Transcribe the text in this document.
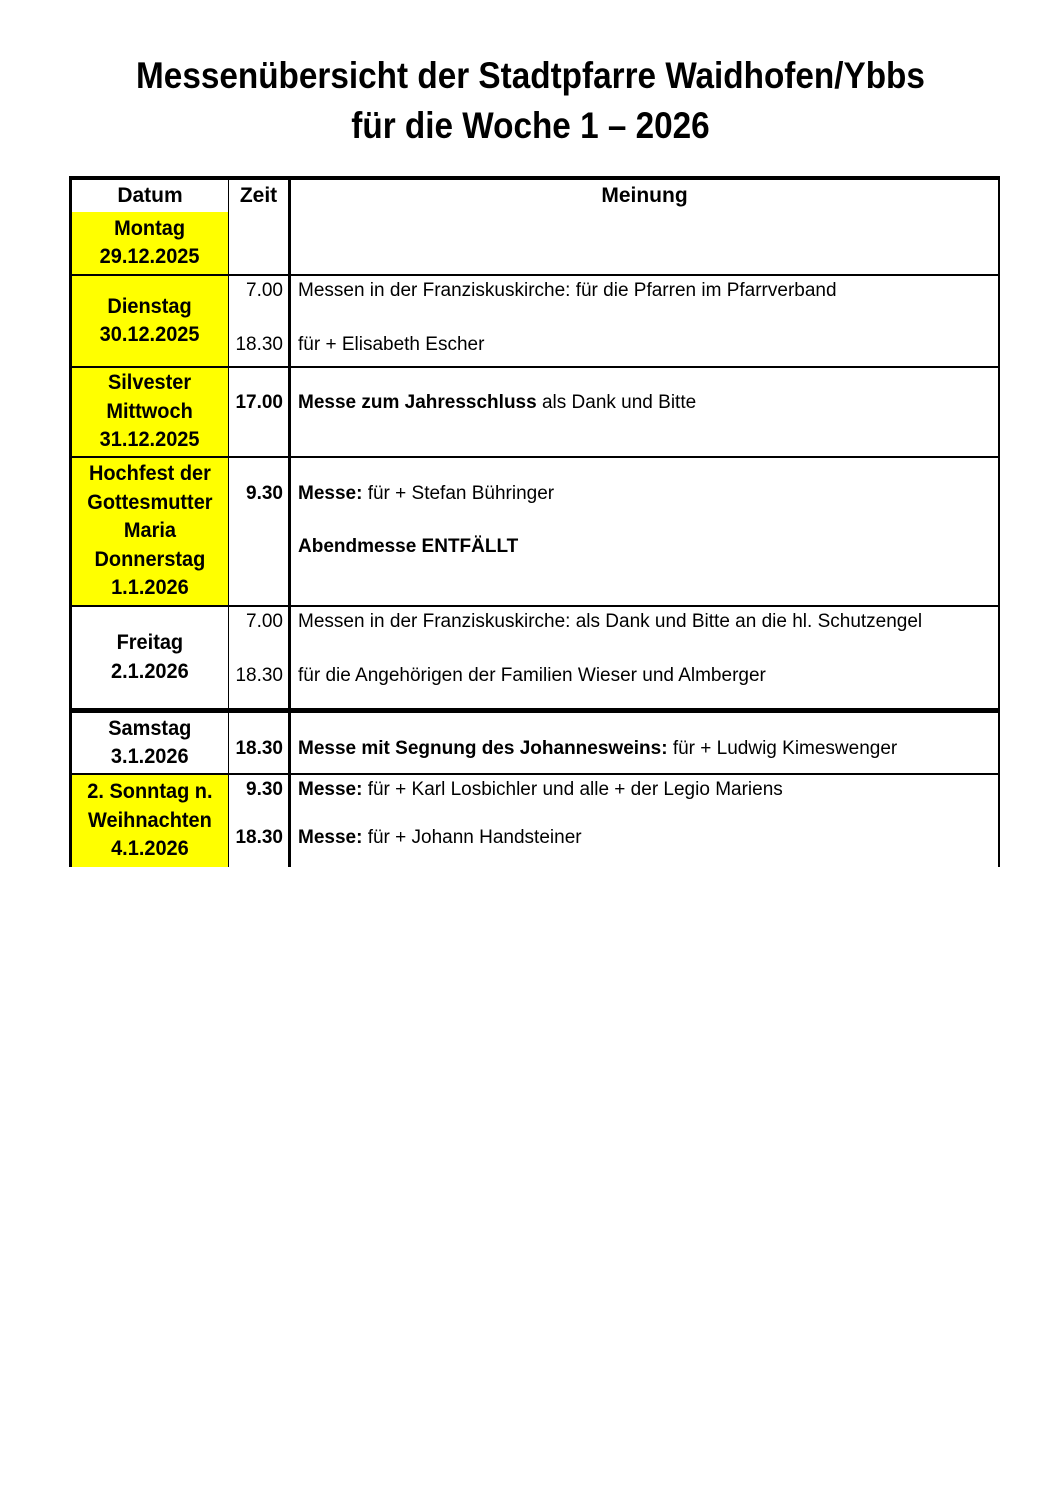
Messenübersicht der Stadtpfarre Waidhofen/Ybbs
für die Woche 1 – 2026
Datum	Zeit	Meinung
Montag
29.12.2025
Dienstag
30.12.2025
7.00
18.30
Messen in der Franziskuskirche: für die Pfarren im Pfarrverband
für + Elisabeth Escher
Silvester
Mittwoch
31.12.2025
17.00 Messe zum Jahresschluss als Dank und Bitte
Hochfest der
Gottesmutter
Maria
Donnerstag
1.1.2026
9.30 Messe: für + Stefan Bühringer
Abendmesse ENTFÄLLT
Freitag
2.1.2026
7.00
18.30
Messen in der Franziskuskirche: als Dank und Bitte an die hl. Schutzengel
für die Angehörigen der Familien Wieser und Almberger
Samstag
3.1.2026 18.30 Messe mit Segnung des Johannesweins: für + Ludwig Kimeswenger
2. Sonntag n.
Weihnachten
4.1.2026
9.30
18.30
Messe: für + Karl Losbichler und alle + der Legio Mariens
Messe: für + Johann Handsteiner
